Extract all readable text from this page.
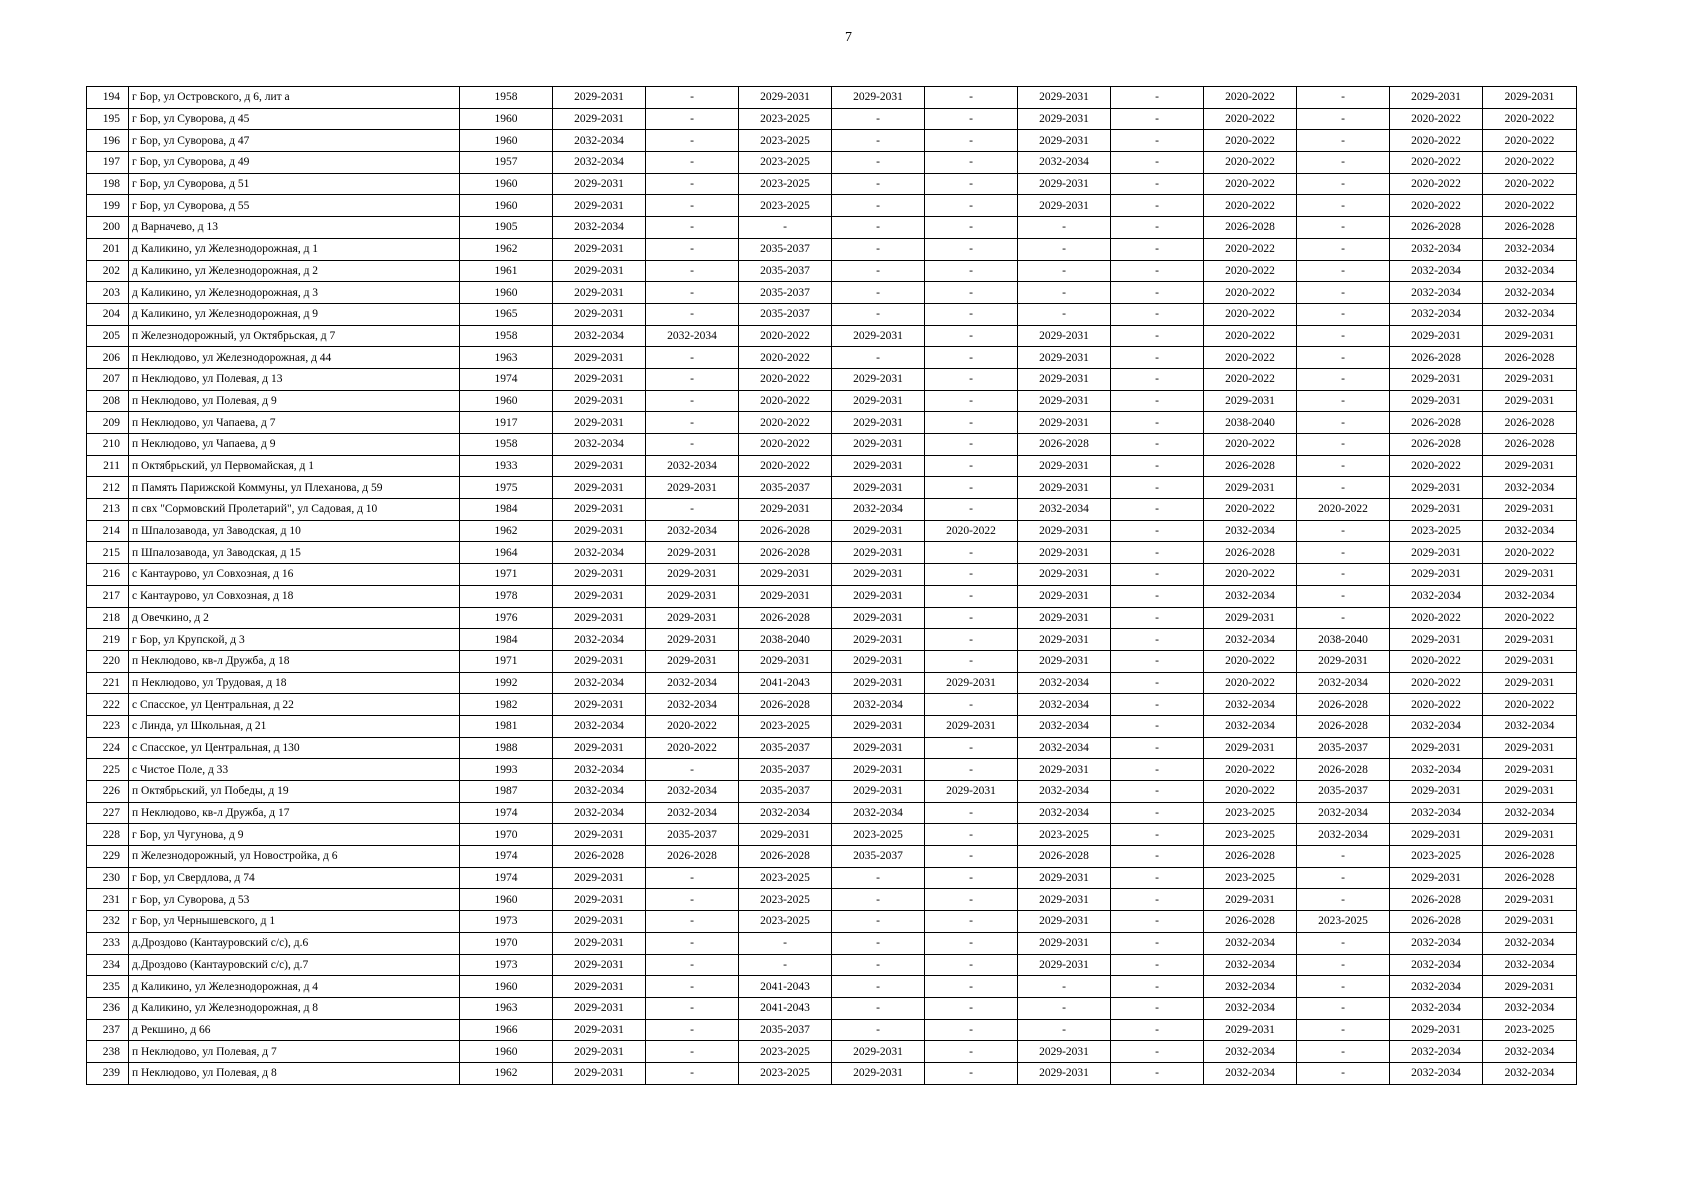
7
194	г Бор, ул Островского, д 6, лит а	1958	2029-2031	-	2029-2031	2029-2031	-	2029-2031	-	2020-2022	-	2029-2031	2029-2031
195	г Бор, ул Суворова, д 45	1960	2029-2031	-	2023-2025	-	-	2029-2031	-	2020-2022	-	2020-2022	2020-2022
196	г Бор, ул Суворова, д 47	1960	2032-2034	-	2023-2025	-	-	2029-2031	-	2020-2022	-	2020-2022	2020-2022
197	г Бор, ул Суворова, д 49	1957	2032-2034	-	2023-2025	-	-	2032-2034	-	2020-2022	-	2020-2022	2020-2022
198	г Бор, ул Суворова, д 51	1960	2029-2031	-	2023-2025	-	-	2029-2031	-	2020-2022	-	2020-2022	2020-2022
199	г Бор, ул Суворова, д 55	1960	2029-2031	-	2023-2025	-	-	2029-2031	-	2020-2022	-	2020-2022	2020-2022
200	д Варначево, д 13	1905	2032-2034	-	-	-	-	-	-	2026-2028	-	2026-2028	2026-2028
201	д Каликино, ул Железнодорожная, д 1	1962	2029-2031	-	2035-2037	-	-	-	-	2020-2022	-	2032-2034	2032-2034
202	д Каликино, ул Железнодорожная, д 2	1961	2029-2031	-	2035-2037	-	-	-	-	2020-2022	-	2032-2034	2032-2034
203	д Каликино, ул Железнодорожная, д 3	1960	2029-2031	-	2035-2037	-	-	-	-	2020-2022	-	2032-2034	2032-2034
204	д Каликино, ул Железнодорожная, д 9	1965	2029-2031	-	2035-2037	-	-	-	-	2020-2022	-	2032-2034	2032-2034
205	п Железнодорожный, ул Октябрьская, д 7	1958	2032-2034	2032-2034	2020-2022	2029-2031	-	2029-2031	-	2020-2022	-	2029-2031	2029-2031
206	п Неклюдово, ул Железнодорожная, д 44	1963	2029-2031	-	2020-2022	-	-	2029-2031	-	2020-2022	-	2026-2028	2026-2028
207	п Неклюдово, ул Полевая, д 13	1974	2029-2031	-	2020-2022	2029-2031	-	2029-2031	-	2020-2022	-	2029-2031	2029-2031
208	п Неклюдово, ул Полевая, д 9	1960	2029-2031	-	2020-2022	2029-2031	-	2029-2031	-	2029-2031	-	2029-2031	2029-2031
209	п Неклюдово, ул Чапаева, д 7	1917	2029-2031	-	2020-2022	2029-2031	-	2029-2031	-	2038-2040	-	2026-2028	2026-2028
210	п Неклюдово, ул Чапаева, д 9	1958	2032-2034	-	2020-2022	2029-2031	-	2026-2028	-	2020-2022	-	2026-2028	2026-2028
211	п Октябрьский, ул Первомайская, д 1	1933	2029-2031	2032-2034	2020-2022	2029-2031	-	2029-2031	-	2026-2028	-	2020-2022	2029-2031
212	п Память Парижской Коммуны, ул Плеханова, д 59	1975	2029-2031	2029-2031	2035-2037	2029-2031	-	2029-2031	-	2029-2031	-	2029-2031	2032-2034
213	п свх "Сормовский Пролетарий", ул Садовая, д 10	1984	2029-2031	-	2029-2031	2032-2034	-	2032-2034	-	2020-2022	2020-2022	2029-2031	2029-2031
214	п Шпалозавода, ул Заводская, д 10	1962	2029-2031	2032-2034	2026-2028	2029-2031	2020-2022	2029-2031	-	2032-2034	-	2023-2025	2032-2034
215	п Шпалозавода, ул Заводская, д 15	1964	2032-2034	2029-2031	2026-2028	2029-2031	-	2029-2031	-	2026-2028	-	2029-2031	2020-2022
216	с Кантаурово, ул Совхозная, д 16	1971	2029-2031	2029-2031	2029-2031	2029-2031	-	2029-2031	-	2020-2022	-	2029-2031	2029-2031
217	с Кантаурово, ул Совхозная, д 18	1978	2029-2031	2029-2031	2029-2031	2029-2031	-	2029-2031	-	2032-2034	-	2032-2034	2032-2034
218	д Овечкино, д 2	1976	2029-2031	2029-2031	2026-2028	2029-2031	-	2029-2031	-	2029-2031	-	2020-2022	2020-2022
219	г Бор, ул Крупской, д 3	1984	2032-2034	2029-2031	2038-2040	2029-2031	-	2029-2031	-	2032-2034	2038-2040	2029-2031	2029-2031
220	п Неклюдово, кв-л Дружба, д 18	1971	2029-2031	2029-2031	2029-2031	2029-2031	-	2029-2031	-	2020-2022	2029-2031	2020-2022	2029-2031
221	п Неклюдово, ул Трудовая, д 18	1992	2032-2034	2032-2034	2041-2043	2029-2031	2029-2031	2032-2034	-	2020-2022	2032-2034	2020-2022	2029-2031
222	с Спасское, ул Центральная, д 22	1982	2029-2031	2032-2034	2026-2028	2032-2034	-	2032-2034	-	2032-2034	2026-2028	2020-2022	2020-2022
223	с Линда, ул Школьная, д 21	1981	2032-2034	2020-2022	2023-2025	2029-2031	2029-2031	2032-2034	-	2032-2034	2026-2028	2032-2034	2032-2034
224	с Спасское, ул Центральная, д 130	1988	2029-2031	2020-2022	2035-2037	2029-2031	-	2032-2034	-	2029-2031	2035-2037	2029-2031	2029-2031
225	с Чистое Поле, д 33	1993	2032-2034	-	2035-2037	2029-2031	-	2029-2031	-	2020-2022	2026-2028	2032-2034	2029-2031
226	п Октябрьский, ул Победы, д 19	1987	2032-2034	2032-2034	2035-2037	2029-2031	2029-2031	2032-2034	-	2020-2022	2035-2037	2029-2031	2029-2031
227	п Неклюдово, кв-л Дружба, д 17	1974	2032-2034	2032-2034	2032-2034	2032-2034	-	2032-2034	-	2023-2025	2032-2034	2032-2034	2032-2034
228	г Бор, ул Чугунова, д 9	1970	2029-2031	2035-2037	2029-2031	2023-2025	-	2023-2025	-	2023-2025	2032-2034	2029-2031	2029-2031
229	п Железнодорожный, ул Новостройка, д 6	1974	2026-2028	2026-2028	2026-2028	2035-2037	-	2026-2028	-	2026-2028	-	2023-2025	2026-2028
230	г Бор, ул Свердлова, д 74	1974	2029-2031	-	2023-2025	-	-	2029-2031	-	2023-2025	-	2029-2031	2026-2028
231	г Бор, ул Суворова, д 53	1960	2029-2031	-	2023-2025	-	-	2029-2031	-	2029-2031	-	2026-2028	2029-2031
232	г Бор, ул Чернышевского, д 1	1973	2029-2031	-	2023-2025	-	-	2029-2031	-	2026-2028	2023-2025	2026-2028	2029-2031
233	д.Дроздово (Кантауровский с/с), д.6	1970	2029-2031	-	-	-	-	2029-2031	-	2032-2034	-	2032-2034	2032-2034
234	д.Дроздово (Кантауровский с/с), д.7	1973	2029-2031	-	-	-	-	2029-2031	-	2032-2034	-	2032-2034	2032-2034
235	д Каликино, ул Железнодорожная, д 4	1960	2029-2031	-	2041-2043	-	-	-	-	2032-2034	-	2032-2034	2029-2031
236	д Каликино, ул Железнодорожная, д 8	1963	2029-2031	-	2041-2043	-	-	-	-	2032-2034	-	2032-2034	2032-2034
237	д Рекшино, д 66	1966	2029-2031	-	2035-2037	-	-	-	-	2029-2031	-	2029-2031	2023-2025
238	п Неклюдово, ул Полевая, д 7	1960	2029-2031	-	2023-2025	2029-2031	-	2029-2031	-	2032-2034	-	2032-2034	2032-2034
239	п Неклюдово, ул Полевая, д 8	1962	2029-2031	-	2023-2025	2029-2031	-	2029-2031	-	2032-2034	-	2032-2034	2032-2034
